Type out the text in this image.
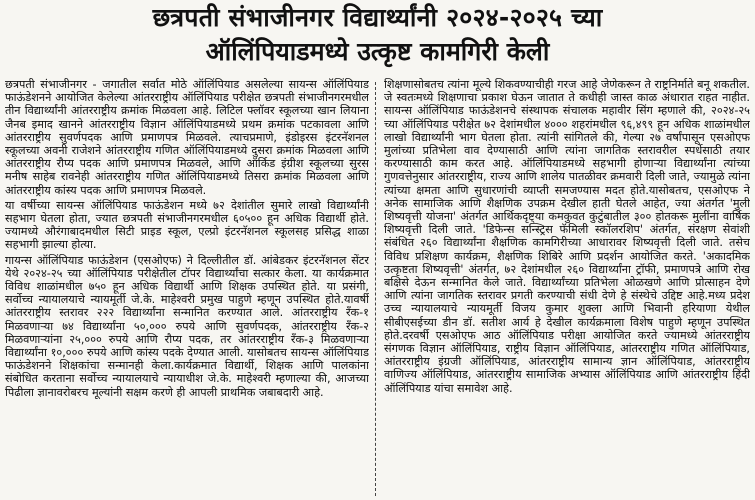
छत्रपती संभाजीनगर विद्यार्थ्यांनी २०२४-२०२५ च्या
ऑलिंपियाडमध्ये उत्कृष्ट कामगिरी केली

छत्रपती संभाजीनगर - जगातील सर्वात मोठे ऑलिंपियाड असलेल्या सायन्स ऑलिंपियाड फाऊंडेशनने आयोजित केलेल्या आंतरराष्ट्रीय ऑलिंपियाड परीक्षेत छत्रपती संभाजीनगरमधील तीन विद्यार्थ्यांनी आंतरराष्ट्रीय क्रमांक मिळवला आहे. लिटिल फ्लॉवर स्कूलच्या खान लियाना जैनब इमाद खानने आंतरराष्ट्रीय विज्ञान ऑलिंपियाडमध्ये प्रथम क्रमांक पटकावला आणि आंतरराष्ट्रीय सुवर्णपदक आणि प्रमाणपत्र मिळवले. त्याचप्रमाणे, इंडोइरस इंटरनॅशनल स्कूलच्या अवनी राजेशने आंतरराष्ट्रीय गणित ऑलिंपियाडमध्ये दुसरा क्रमांक मिळवला आणि आंतरराष्ट्रीय रौप्य पदक आणि प्रमाणपत्र मिळवले, आणि ऑर्किड इंग्रीश स्कूलच्या सुरस मनीष साहेब रावनेही आंतरराष्ट्रीय गणित ऑलिंपियाडमध्ये तिसरा क्रमांक मिळवला आणि आंतरराष्ट्रीय कांस्य पदक आणि प्रमाणपत्र मिळवले.

या वर्षीच्या सायन्स ऑलिंपियाड फाऊंडेशन मध्ये ७२ देशांतील सुमारे लाखो विद्यार्थ्यांनी सहभाग घेतला होता, ज्यात छत्रपती संभाजीनगरमधील ६०५०० हून अधिक विद्यार्थी होते. ज्यामध्ये औरंगाबादमधील सिटी प्राइड स्कूल, एल्प्रो इंटरनॅशनल स्कूलसह प्रसिद्ध शाळा सहभागी झाल्या होत्या.

गायन्स ऑलिंपियाड फाऊंडेशन (एसओएफ) ने दिल्लीतील डॉ. आंबेडकर इंटरनॅशनल सेंटर येथे २०२४-२५ च्या ऑलिंपियाड परीक्षेतील टॉपर विद्यार्थ्यांचा सत्कार केला. या कार्यक्रमात विविध शाळांमधील ७५० हून अधिक विद्यार्थी आणि शिक्षक उपस्थित होते. या प्रसंगी, सर्वोच्च न्यायालयाचे न्यायमूर्ती जे.के. माहेश्वरी प्रमुख पाहुणे म्हणून उपस्थित होते.यावर्षी आंतरराष्ट्रीय स्तरावर २२२ विद्यार्थ्यांना सन्मानित करण्यात आले. आंतरराष्ट्रीय रँक-१ मिळवणाऱ्या ७४ विद्यार्थ्यांना ५०,००० रुपये आणि सुवर्णपदक, आंतरराष्ट्रीय रँक-२ मिळवणाऱ्यांना २५,००० रुपये आणि रौप्य पदक, तर आंतरराष्ट्रीय रँक-३ मिळवणाऱ्या विद्यार्थ्यांना १०,००० रुपये आणि कांस्य पदके देण्यात आली. यासोबतच सायन्स ऑलिंपियाड फाऊंडेशनने शिक्षकांचा सन्मानही केला.कार्यक्रमात विद्यार्थी, शिक्षक आणि पालकांना संबोधित करताना सर्वोच्च न्यायालयाचे न्यायाधीश जे.के. माहेश्वरी म्हणाल्या की, आजच्या पिढीला ज्ञानावरोबरच मूल्यांनी सक्षम करणे ही आपली प्राथमिक जबाबदारी आहे.

शिक्षणासोबतच त्यांना मूल्ये शिकवण्याचीही गरज आहे जेणेकरून ते राष्ट्रनिर्माते बनू शकतील. जे स्वतःमध्ये शिक्षणाचा प्रकाश घेऊन जातात ते कधीही जास्त काळ अंधारात राहत नाहीत. सायन्स ऑलिंपियाड फाऊंडेशनचे संस्थापक संचालक महावीर सिंग म्हणाले की, २०२४-२५ च्या ऑलिंपियाड परीक्षेत ७२ देशांमधील ४००० शहरांमधील ९६,४९९ हून अधिक शाळांमधील लाखो विद्यार्थ्यांनी भाग घेतला होता. त्यांनी सांगितले की, गेल्या २७ वर्षांपासून एसओएफ मुलांच्या प्रतिभेला वाव देण्यासाठी आणि त्यांना जागतिक स्तरावरील स्पर्धेसाठी तयार करण्यासाठी काम करत आहे. ऑलिंपियाडमध्ये सहभागी होणाऱ्या विद्यार्थ्यांना त्यांच्या गुणवत्तेनुसार आंतरराष्ट्रीय, राज्य आणि शालेय पातळीवर क्रमवारी दिली जाते, ज्यामुळे त्यांना त्यांच्या क्षमता आणि सुधारणांची व्याप्ती समजण्यास मदत होते.यासोबतच, एसओएफ ने अनेक सामाजिक आणि शैक्षणिक उपक्रम देखील हाती घेतले आहेत, ज्या अंतर्गत 'मुली शिष्यवृत्ती योजना' अंतर्गत आर्थिकदृष्ट्या कमकुवत कुटुंबातील ३०० होतकरू मुलींना वार्षिक शिष्यवृत्ती दिली जाते. 'डिफेन्स सन्स्ट्रिस फॅमिली स्कॉलरशिप' अंतर्गत, संरक्षण सेवांशी संबंधित २६० विद्यार्थ्यांना शैक्षणिक कामगिरीच्या आधारावर शिष्यवृत्ती दिली जाते. तसेच विविध प्रशिक्षण कार्यक्रम, शैक्षणिक शिबिरे आणि प्रदर्शन आयोजित करते. 'अकादमिक उत्कृष्टता शिष्यवृत्ती' अंतर्गत, ७२ देशांमधील २६० विद्यार्थ्यांना ट्रॉफी, प्रमाणपत्रे आणि रोख बक्षिसे देऊन सन्मानित केले जाते. विद्यार्थ्यांच्या प्रतिभेला ओळखणे आणि प्रोत्साहन देणे आणि त्यांना जागतिक स्तरावर प्रगती करण्याची संधी देणे हे संस्थेचे उद्दिष्ट आहे.मध्य प्रदेश उच्च न्यायालयाचे न्यायमूर्ती विजय कुमार शुक्ला आणि भिवानी हरियाणा येथील सीबीएसईच्या डीन डॉ. सतीश आर्य हे देखील कार्यक्रमाला विशेष पाहुणे म्हणून उपस्थित होते.दरवर्षी एसओएफ आठ ऑलिंपियाड परीक्षा आयोजित करते ज्यामध्ये आंतरराष्ट्रीय संगणक विज्ञान ऑलिंपियाड, राष्ट्रीय विज्ञान ऑलिंपियाड, आंतरराष्ट्रीय गणित ऑलिंपियाड, आंतरराष्ट्रीय इंग्रजी ऑलिंपियाड, आंतरराष्ट्रीय सामान्य ज्ञान ऑलिंपियाड, आंतरराष्ट्रीय वाणिज्य ऑलिंपियाड, आंतरराष्ट्रीय सामाजिक अभ्यास ऑलिंपियाड आणि आंतरराष्ट्रीय हिंदी ऑलिंपियाड यांचा समावेश आहे.
